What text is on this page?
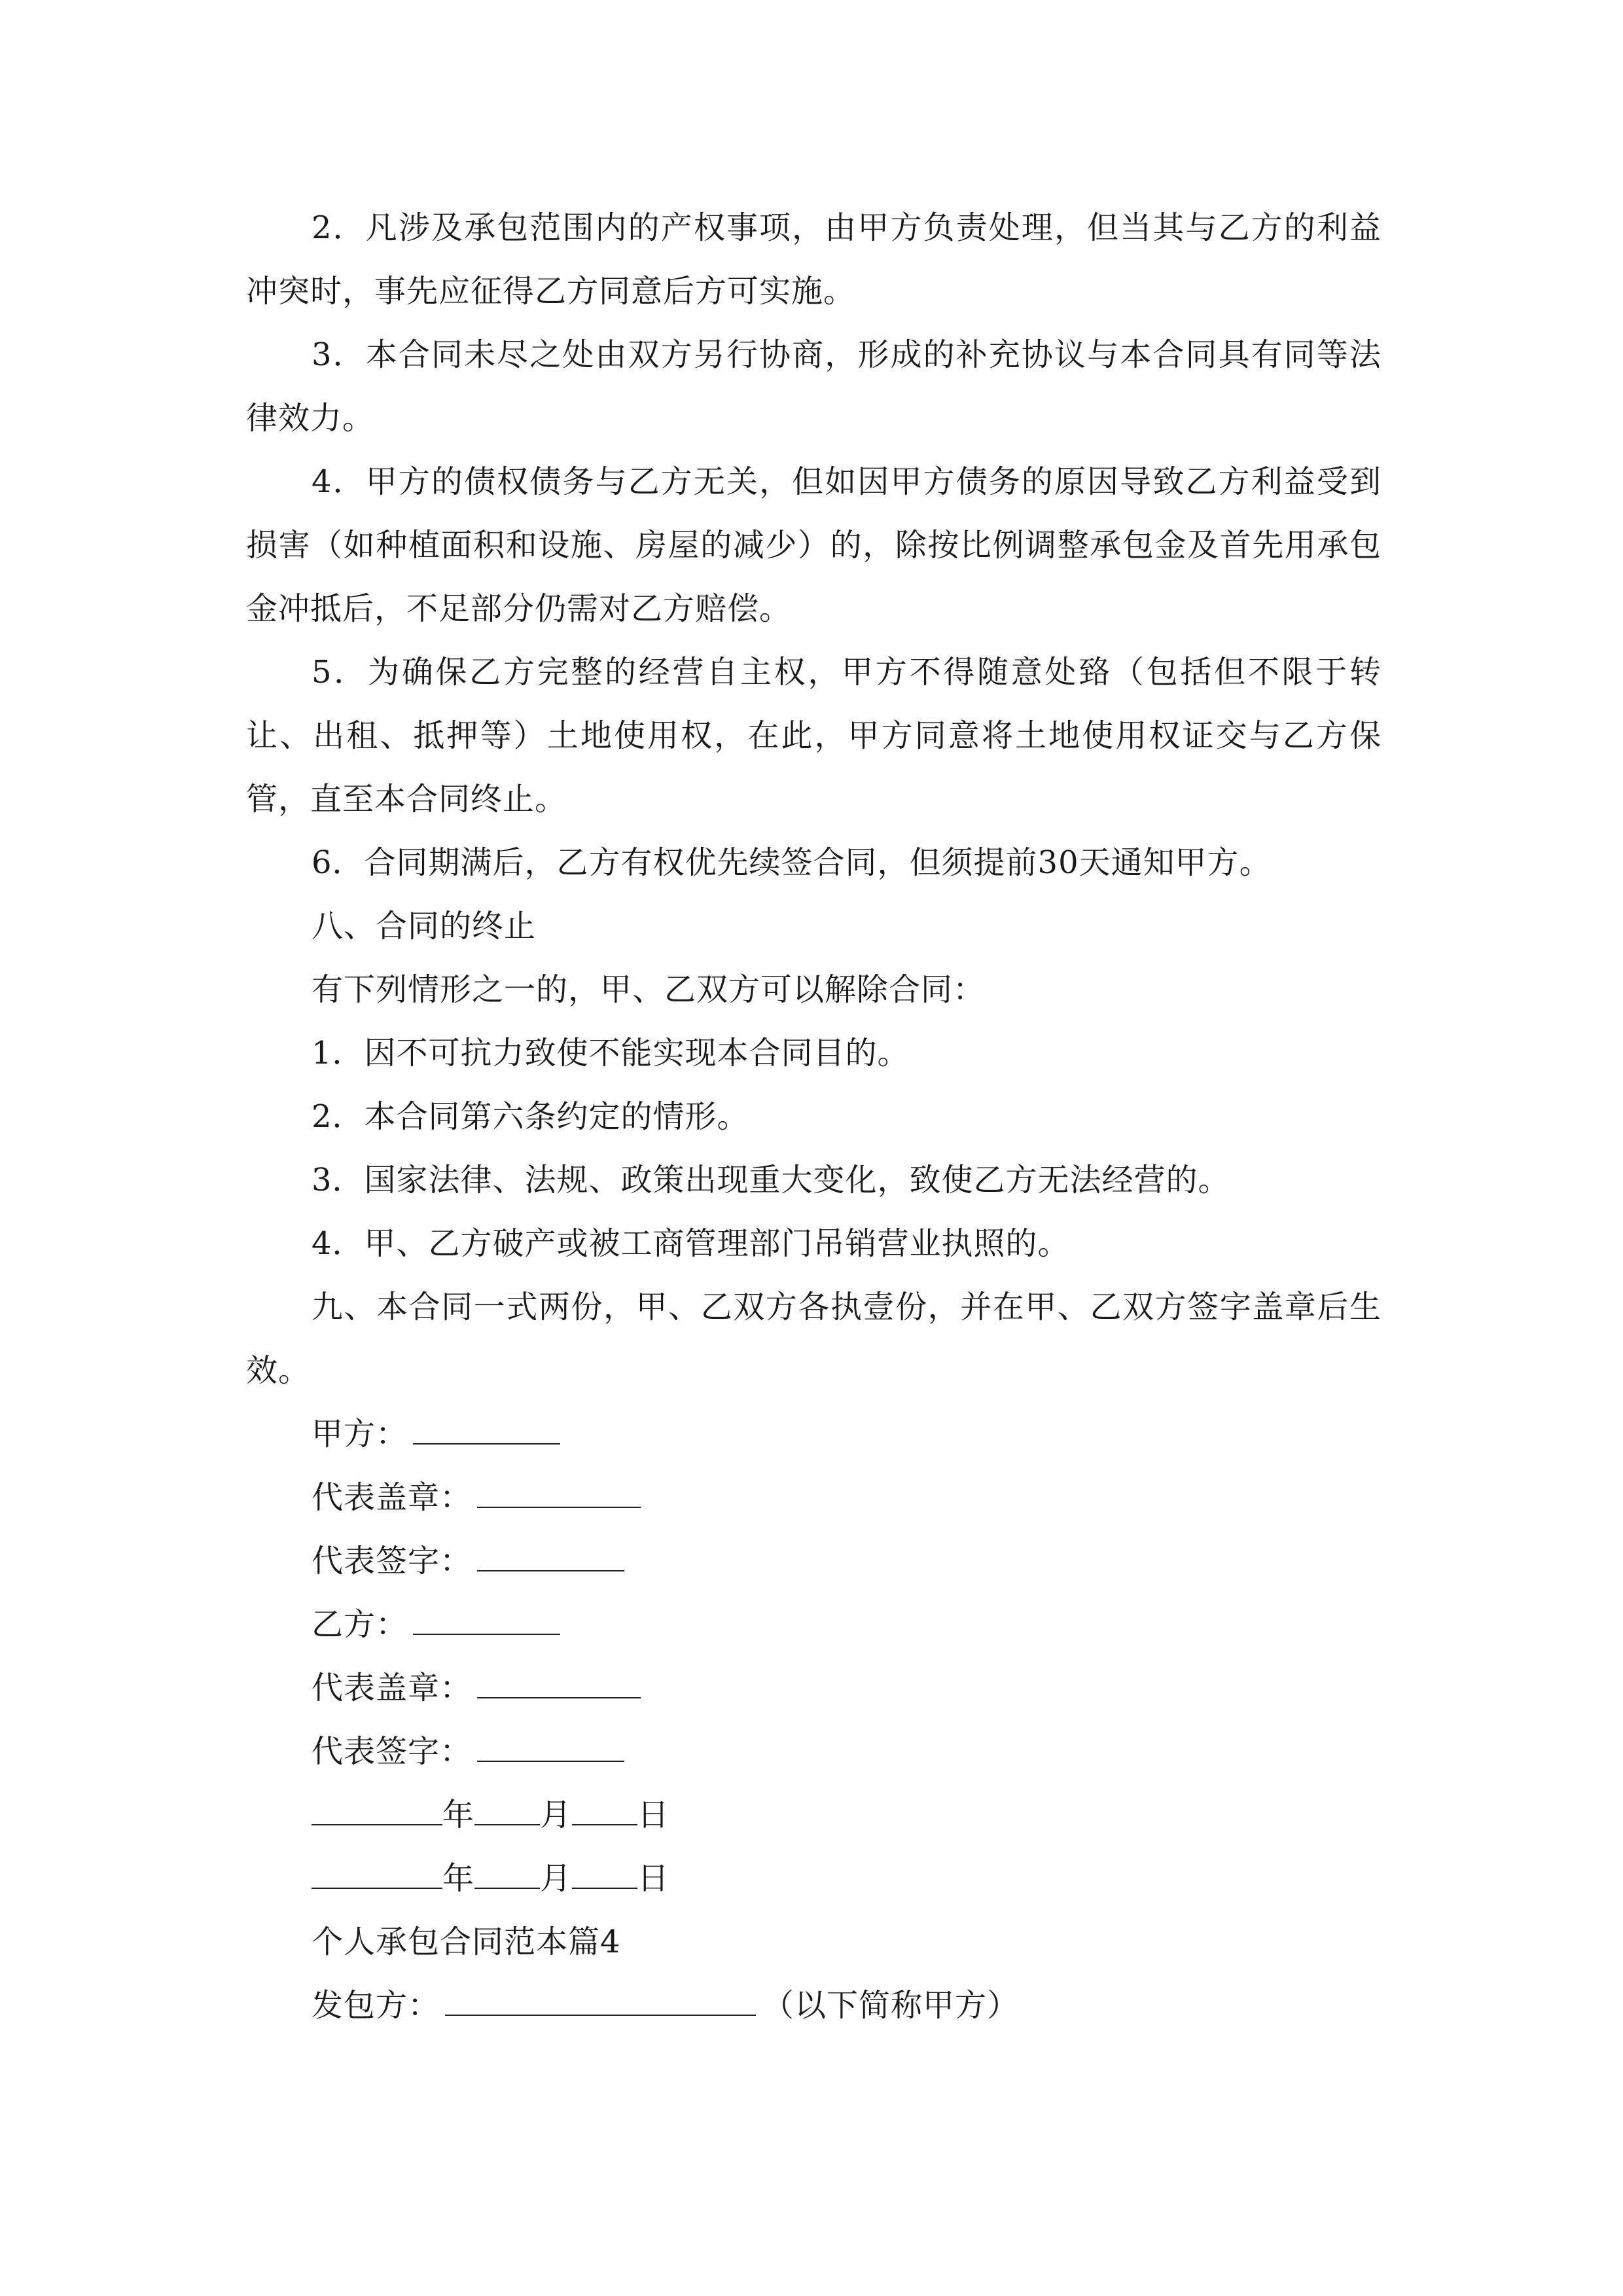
2．凡涉及承包范围内的产权事项，由甲方负责处理，但当其与乙方的利益冲突时，事先应征得乙方同意后方可实施。

3．本合同未尽之处由双方另行协商，形成的补充协议与本合同具有同等法律效力。

4．甲方的债权债务与乙方无关，但如因甲方债务的原因导致乙方利益受到损害（如种植面积和设施、房屋的减少）的，除按比例调整承包金及首先用承包金冲抵后，不足部分仍需对乙方赔偿。

5．为确保乙方完整的经营自主权，甲方不得随意处臵（包括但不限于转让、出租、抵押等）土地使用权，在此，甲方同意将土地使用权证交与乙方保管，直至本合同终止。

6．合同期满后，乙方有权优先续签合同，但须提前30天通知甲方。

八、合同的终止

有下列情形之一的，甲、乙双方可以解除合同：

1．因不可抗力致使不能实现本合同目的。

2．本合同第六条约定的情形。

3．国家法律、法规、政策出现重大变化，致使乙方无法经营的。

4．甲、乙方破产或被工商管理部门吊销营业执照的。

九、本合同一式两份，甲、乙双方各执壹份，并在甲、乙双方签字盖章后生效。

甲方：

代表盖章：

代表签字：

乙方：

代表盖章：

代表签字：

年 月 日

年 月 日

个人承包合同范本篇4

发包方：	（以下简称甲方）
